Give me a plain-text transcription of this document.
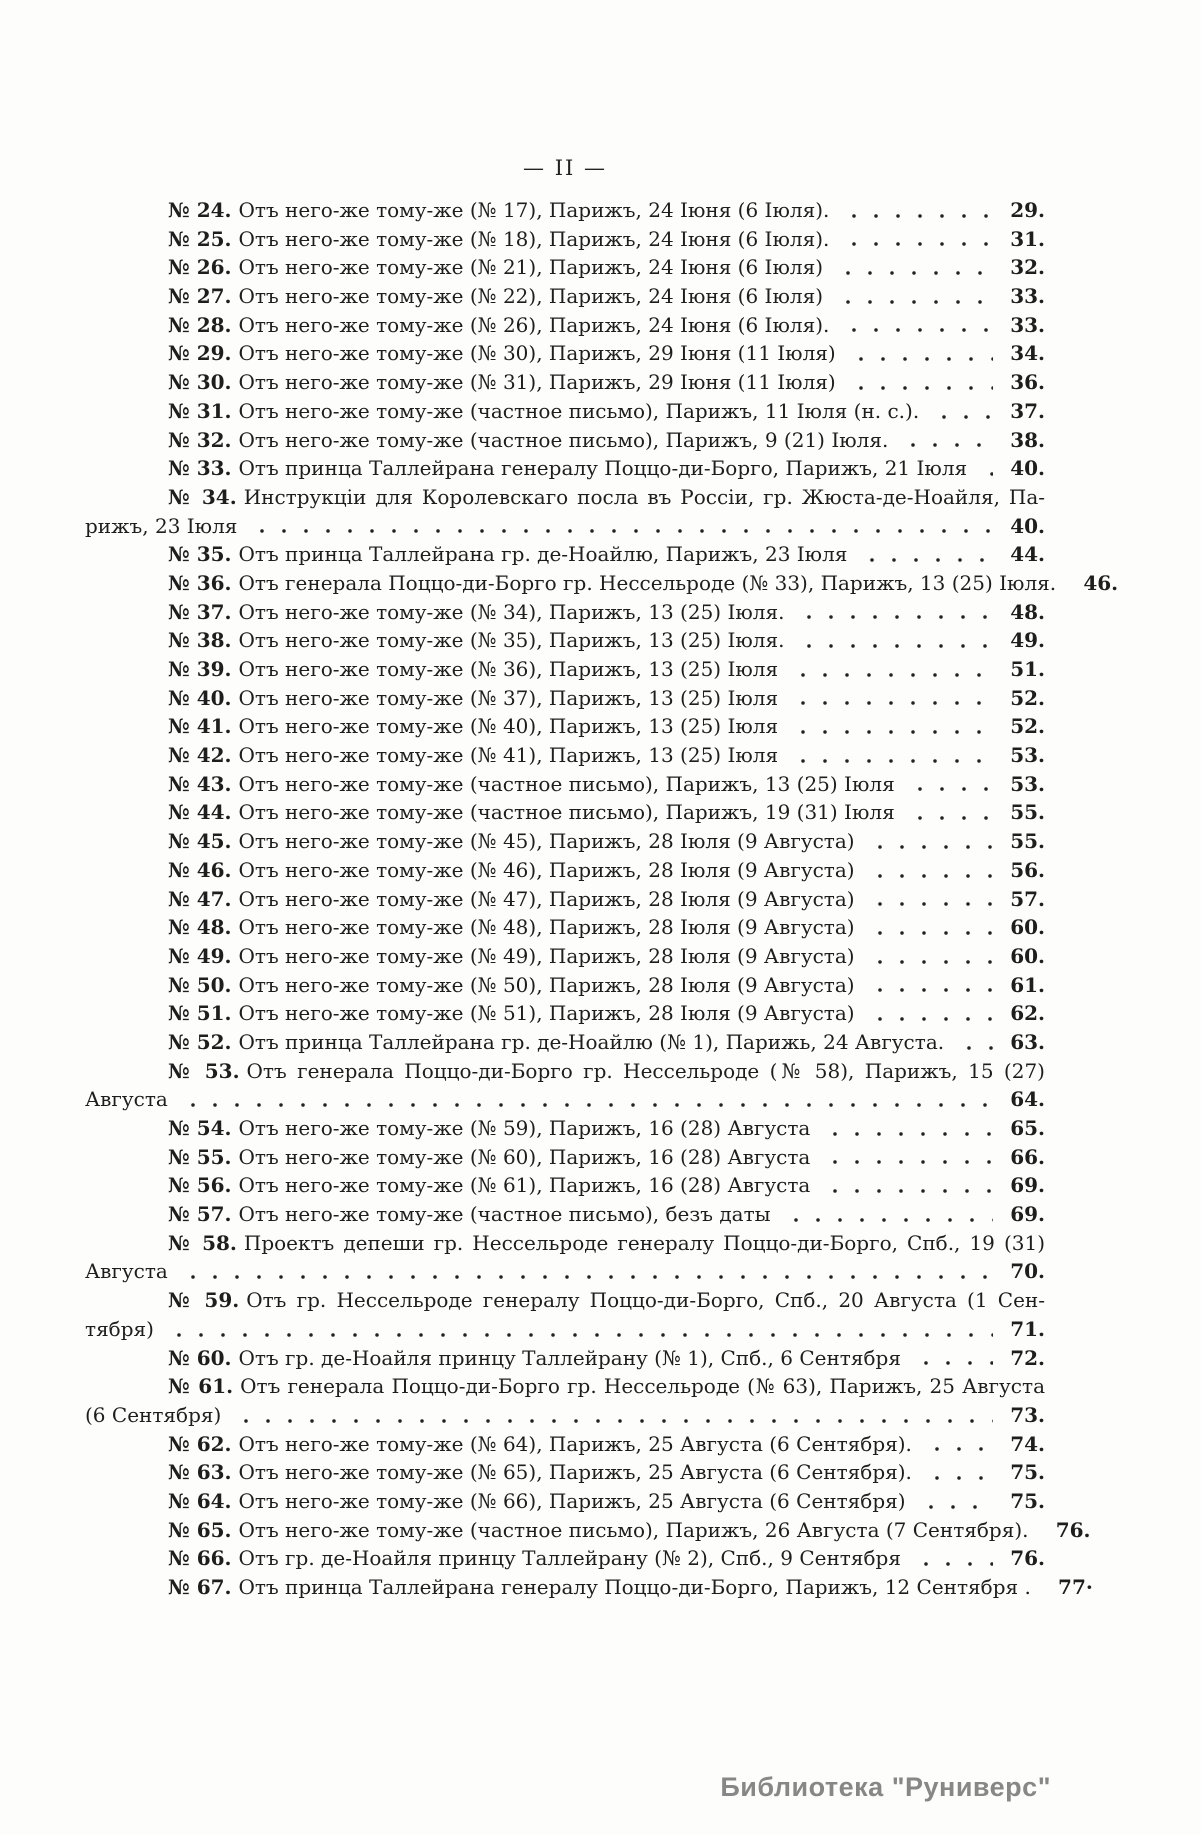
— II —
№ 24. Отъ него-же тому-же (№ 17), Парижъ, 24 Іюня (6 Іюля).	29.
№ 25. Отъ него-же тому-же (№ 18), Парижъ, 24 Іюня (6 Іюля).	31.
№ 26. Отъ него-же тому-же (№ 21), Парижъ, 24 Іюня (6 Іюля)	32.
№ 27. Отъ него-же тому-же (№ 22), Парижъ, 24 Іюня (6 Іюля)	33.
№ 28. Отъ него-же тому-же (№ 26), Парижъ, 24 Іюня (6 Іюля).	33.
№ 29. Отъ него-же тому-же (№ 30), Парижъ, 29 Іюня (11 Іюля)	34.
№ 30. Отъ него-же тому-же (№ 31), Парижъ, 29 Іюня (11 Іюля)	36.
№ 31. Отъ него-же тому-же (частное письмо), Парижъ, 11 Іюля (н. с.).	37.
№ 32. Отъ него-же тому-же (частное письмо), Парижъ, 9 (21) Іюля.	38.
№ 33. Отъ принца Таллейрана генералу Поццо-ди-Борго, Парижъ, 21 Іюля	40.
№ 34. Инструкціи для Королевскаго посла въ Россіи, гр. Жюста-де-Ноайля, Па-
рижъ, 23 Іюля	40.
№ 35. Отъ принца Таллейрана гр. де-Ноайлю, Парижъ, 23 Іюля	44.
№ 36. Отъ генерала Поццо-ди-Борго гр. Нессельроде (№ 33), Парижъ, 13 (25) Іюля.	46.
№ 37. Отъ него-же тому-же (№ 34), Парижъ, 13 (25) Іюля.	48.
№ 38. Отъ него-же тому-же (№ 35), Парижъ, 13 (25) Іюля.	49.
№ 39. Отъ него-же тому-же (№ 36), Парижъ, 13 (25) Іюля	51.
№ 40. Отъ него-же тому-же (№ 37), Парижъ, 13 (25) Іюля	52.
№ 41. Отъ него-же тому-же (№ 40), Парижъ, 13 (25) Іюля	52.
№ 42. Отъ него-же тому-же (№ 41), Парижъ, 13 (25) Іюля	53.
№ 43. Отъ него-же тому-же (частное письмо), Парижъ, 13 (25) Іюля	53.
№ 44. Отъ него-же тому-же (частное письмо), Парижъ, 19 (31) Іюля	55.
№ 45. Отъ него-же тому-же (№ 45), Парижъ, 28 Іюля (9 Августа)	55.
№ 46. Отъ него-же тому-же (№ 46), Парижъ, 28 Іюля (9 Августа)	56.
№ 47. Отъ него-же тому-же (№ 47), Парижъ, 28 Іюля (9 Августа)	57.
№ 48. Отъ него-же тому-же (№ 48), Парижъ, 28 Іюля (9 Августа)	60.
№ 49. Отъ него-же тому-же (№ 49), Парижъ, 28 Іюля (9 Августа)	60.
№ 50. Отъ него-же тому-же (№ 50), Парижъ, 28 Іюля (9 Августа)	61.
№ 51. Отъ него-же тому-же (№ 51), Парижъ, 28 Іюля (9 Августа)	62.
№ 52. Отъ принца Таллейрана гр. де-Ноайлю (№ 1), Парижь, 24 Августа.	63.
№ 53. Отъ генерала Поццо-ди-Борго гр. Нессельроде (№ 58), Парижъ, 15 (27)
Августа	64.
№ 54. Отъ него-же тому-же (№ 59), Парижъ, 16 (28) Августа	65.
№ 55. Отъ него-же тому-же (№ 60), Парижъ, 16 (28) Августа	66.
№ 56. Отъ него-же тому-же (№ 61), Парижъ, 16 (28) Августа	69.
№ 57. Отъ него-же тому-же (частное письмо), безъ даты	69.
№ 58. Проектъ депеши гр. Нессельроде генералу Поццо-ди-Борго, Спб., 19 (31)
Августа	70.
№ 59. Отъ гр. Нессельроде генералу Поццо-ди-Борго, Спб., 20 Августа (1 Сен-
тября)	71.
№ 60. Отъ гр. де-Ноайля принцу Таллейрану (№ 1), Спб., 6 Сентября	72.
№ 61. Отъ генерала Поццо-ди-Борго гр. Нессельроде (№ 63), Парижъ, 25 Августа
(6 Сентября)	73.
№ 62. Отъ него-же тому-же (№ 64), Парижъ, 25 Августа (6 Сентября).	74.
№ 63. Отъ него-же тому-же (№ 65), Парижъ, 25 Августа (6 Сентября).	75.
№ 64. Отъ него-же тому-же (№ 66), Парижъ, 25 Августа (6 Сентября)	75.
№ 65. Отъ него-же тому-же (частное письмо), Парижъ, 26 Августа (7 Сентября).	76.
№ 66. Отъ гр. де-Ноайля принцу Таллейрану (№ 2), Спб., 9 Сентября	76.
№ 67. Отъ принца Таллейрана генералу Поццо-ди-Борго, Парижъ, 12 Сентября .	77·
Библиотека "Руниверс"
